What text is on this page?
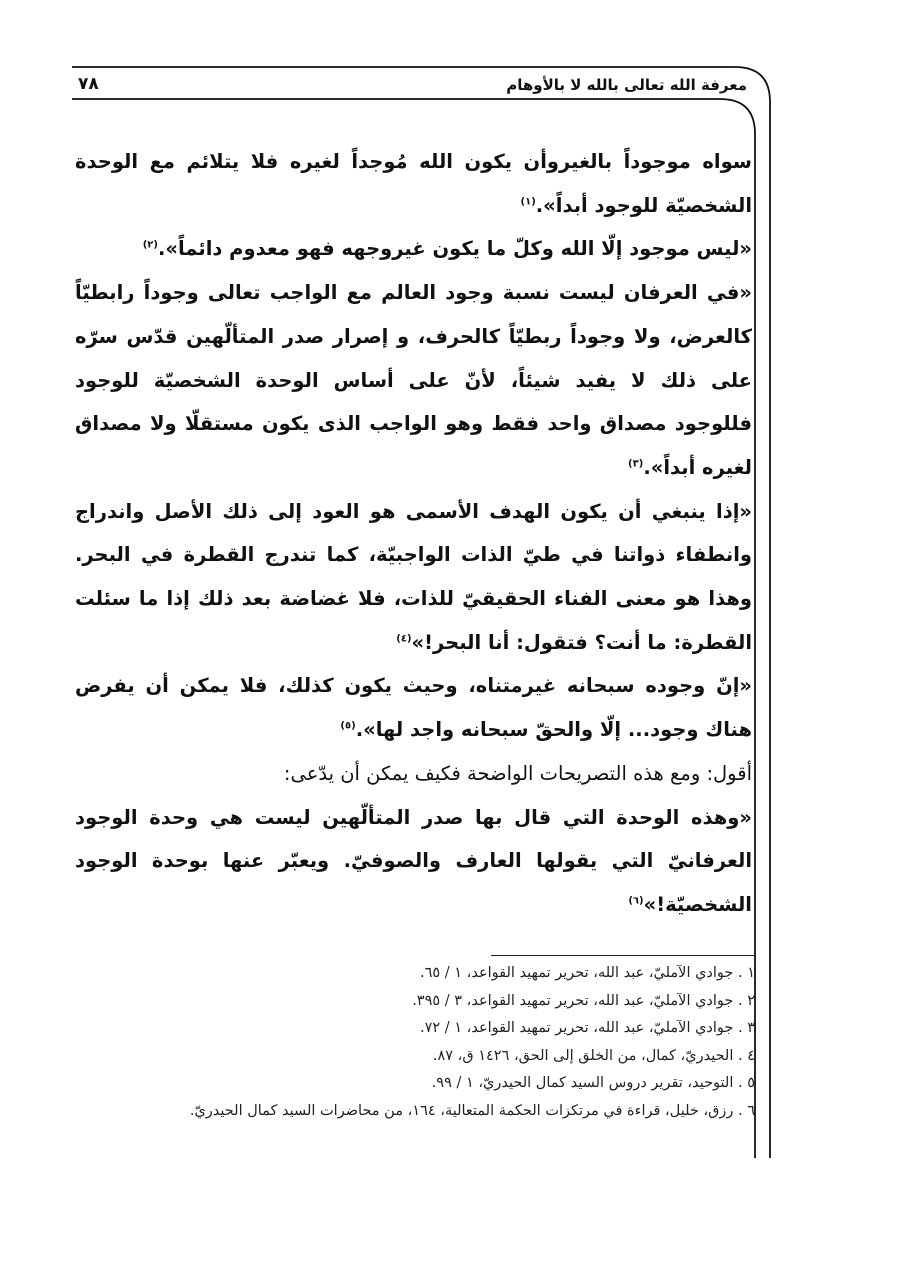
معرفة الله تعالى بالله لا بالأوهام
٧٨

سواه موجوداً بالغيروأن يكون الله مُوجداً لغيره فلا يتلائم مع الوحدة الشخصيّة للوجود أبداً».$^{(١)}$

«ليس موجود إلّا الله وكلّ ما يكون غيروجهه فهو معدوم دائماً».$^{(٢)}$

«في العرفان ليست نسبة وجود العالم مع الواجب تعالى وجوداً رابطيّاً كالعرض، ولا وجوداً ربطيّاً كالحرف، و إصرار صدر المتألّهين قدّس سرّه على ذلك لا يفيد شيئاً، لأنّ على أساس الوحدة الشخصيّة للوجود فللوجود مصداق واحد فقط وهو الواجب الذى يكون مستقلّا ولا مصداق لغيره أبداً».$^{(٣)}$

«إذا ينبغي أن يكون الهدف الأسمى هو العود إلى ذلك الأصل واندراج وانطفاء ذواتنا في طيّ الذات الواجبيّة، كما تندرج القطرة في البحر. وهذا هو معنى الفناء الحقيقيّ للذات، فلا غضاضة بعد ذلك إذا ما سئلت القطرة: ما أنت؟ فتقول: أنا البحر!»$^{(٤)}$

«إنّ وجوده سبحانه غيرمتناه، وحيث يكون كذلك، فلا يمكن أن يفرض هناك وجود... إلّا والحقّ سبحانه واجد لها».$^{(٥)}$

أقول: ومع هذه التصريحات الواضحة فكيف يمكن أن يدّعى:

«وهذه الوحدة التي قال بها صدر المتألّهين ليست هي وحدة الوجود العرفانيّ التي يقولها العارف والصوفيّ. ويعبّر عنها بوحدة الوجود الشخصيّة!»$^{(٦)}$

١ . جوادي الآمليّ، عبد الله، تحرير تمهيد القواعد، ١ / ٦٥.
٢ . جوادي الآمليّ، عبد الله، تحرير تمهيد القواعد، ٣ / ٣٩٥.
٣ . جوادي الآمليّ، عبد الله، تحرير تمهيد القواعد، ١ / ٧٢.
٤ . الحيدريّ، كمال، من الخلق إلى الحق، ١٤٢٦ ق، ٨٧.
٥ . التوحيد، تقرير دروس السيد كمال الحيدريّ، ١ / ٩٩.
٦ . رزق، خليل، قراءة في مرتكزات الحكمة المتعالية، ١٦٤، من محاضرات السيد كمال الحيدريّ.
